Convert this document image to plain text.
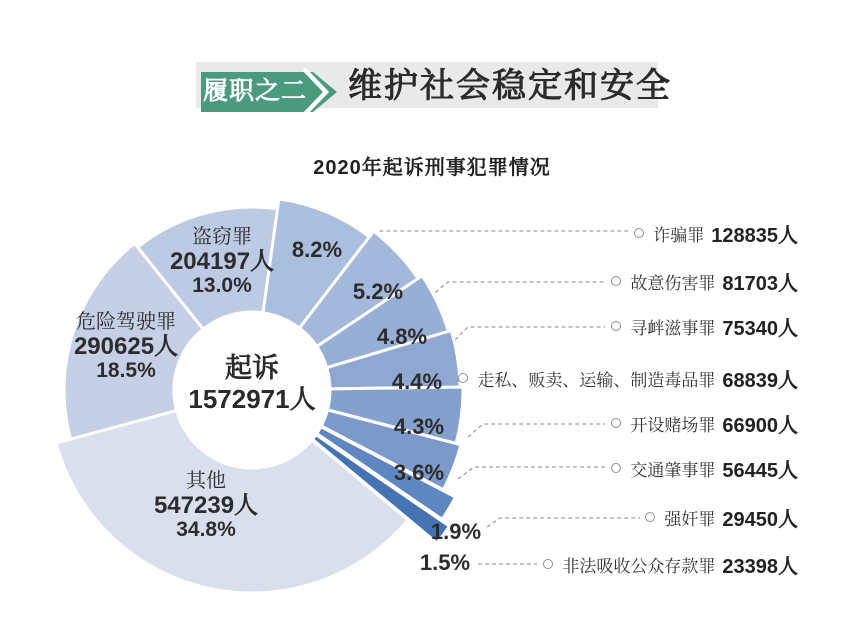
履职之二 维护社会稳定和安全
2020年起诉刑事犯罪情况
起诉
1572971人
8.2%
诈骗罪 128835人
5.2%	故意伤害罪 81703人
4.8%	寻衅滋事罪 75340人
4.4% 走私、贩卖、运输、制造毒品罪 68839人
4.3%	开设赌场罪 66900人
3.6%	交通肇事罪 56445人
1.9%	强奸罪 29450人
1.5%	非法吸收公众存款罪 23398人
其他
547239人
34.8%
危险驾驶罪
290625人
18.5%
盗窃罪
204197人
13.0%
